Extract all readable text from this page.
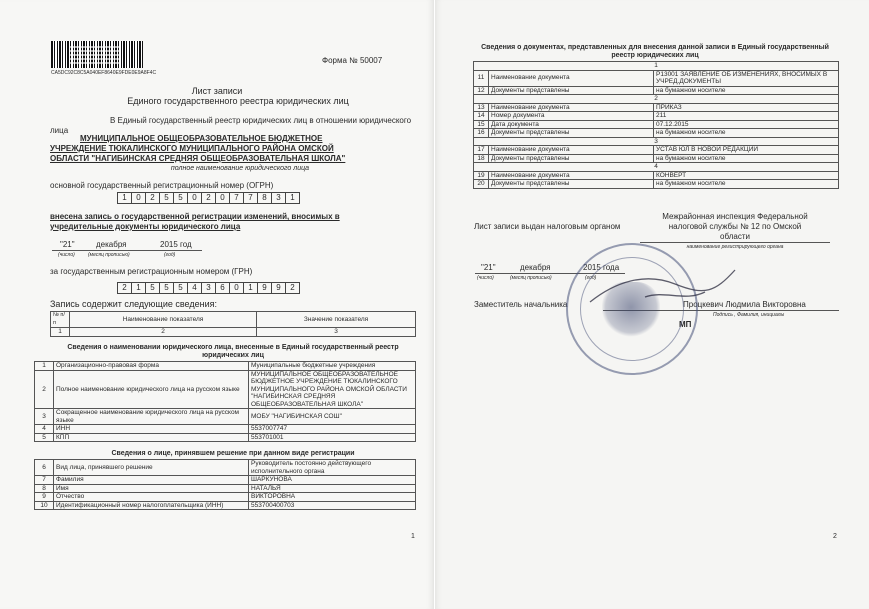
CA5DC92C8C5A040EF8640E9FDE0E9A8F4C
Форма № 50007
Лист записи
Единого государственного реестра юридических лиц
В Единый государственный реестр юридических лиц в отношении юридического
лица
МУНИЦИПАЛЬНОЕ ОБЩЕОБРАЗОВАТЕЛЬНОЕ БЮДЖЕТНОЕ
УЧРЕЖДЕНИЕ ТЮКАЛИНСКОГО МУНИЦИПАЛЬНОГО РАЙОНА ОМСКОЙ
ОБЛАСТИ "НАГИБИНСКАЯ СРЕДНЯЯ ОБЩЕОБРАЗОВАТЕЛЬНАЯ ШКОЛА"
полное наименование юридического лица
основной государственный регистрационный номер (ОГРН)
1	0	2	5	5	0	2	0	7	7	8	3	1
внесена запись о государственной регистрации изменений, вносимых в
учредительные документы юридического лица
"21"	декабря	2015 год
(число)	(месяц прописью)	(год)
за государственным регистрационным номером (ГРН)
2	1	5	5	5	4	3	6	0	1	9	9	2
Запись содержит следующие сведения:
№ п/п	Наименование показателя	Значение показателя
1	2	3
Сведения о наименовании юридического лица, внесенные в Единый государственный реестр
юридических лиц
1	Организационно-правовая форма	Муниципальные бюджетные учреждения
2	Полное наименование юридического лица на русском языке	МУНИЦИПАЛЬНОЕ ОБЩЕОБРАЗОВАТЕЛЬНОЕ БЮДЖЕТНОЕ УЧРЕЖДЕНИЕ ТЮКАЛИНСКОГО МУНИЦИПАЛЬНОГО РАЙОНА ОМСКОЙ ОБЛАСТИ "НАГИБИНСКАЯ СРЕДНЯЯ ОБЩЕОБРАЗОВАТЕЛЬНАЯ ШКОЛА"
3	Сокращенное наименование юридического лица на русском языке	МОБУ "НАГИБИНСКАЯ СОШ"
4	ИНН	5537007747
5	КПП	553701001
Сведения о лице, принявшем решение при данном виде регистрации
6	Вид лица, принявшего решение	Руководитель постоянно действующего исполнительного органа
7	Фамилия	ШАРКУНОВА
8	Имя	НАТАЛЬЯ
9	Отчество	ВИКТОРОВНА
10	Идентификационный номер налогоплательщика (ИНН)	553700400703
1
Сведения о документах, представленных для внесения данной записи в Единый государственный
реестр юридических лиц
1		
11	Наименование документа	Р13001 ЗАЯВЛЕНИЕ ОБ ИЗМЕНЕНИЯХ, ВНОСИМЫХ В УЧРЕД.ДОКУМЕНТЫ
12	Документы представлены	на бумажном носителе
2		
13	Наименование документа	ПРИКАЗ
14	Номер документа	211
15	Дата документа	07.12.2015
16	Документы представлены	на бумажном носителе
3		
17	Наименование документа	УСТАВ ЮЛ В НОВОЙ РЕДАКЦИИ
18	Документы представлены	на бумажном носителе
4		
19	Наименование документа	КОНВЕРТ
20	Документы представлены	на бумажном носителе
Лист записи выдан налоговым органом
Межрайонная инспекция Федеральной
налоговой службы № 12 по Омской
области
наименование регистрирующего органа
"21"	декабря	2015 года
(число)	(месяц прописью)	(год)
Заместитель начальника	Процкевич Людмила Викторовна
Подпись , Фамилия, инициалы
МП
2
